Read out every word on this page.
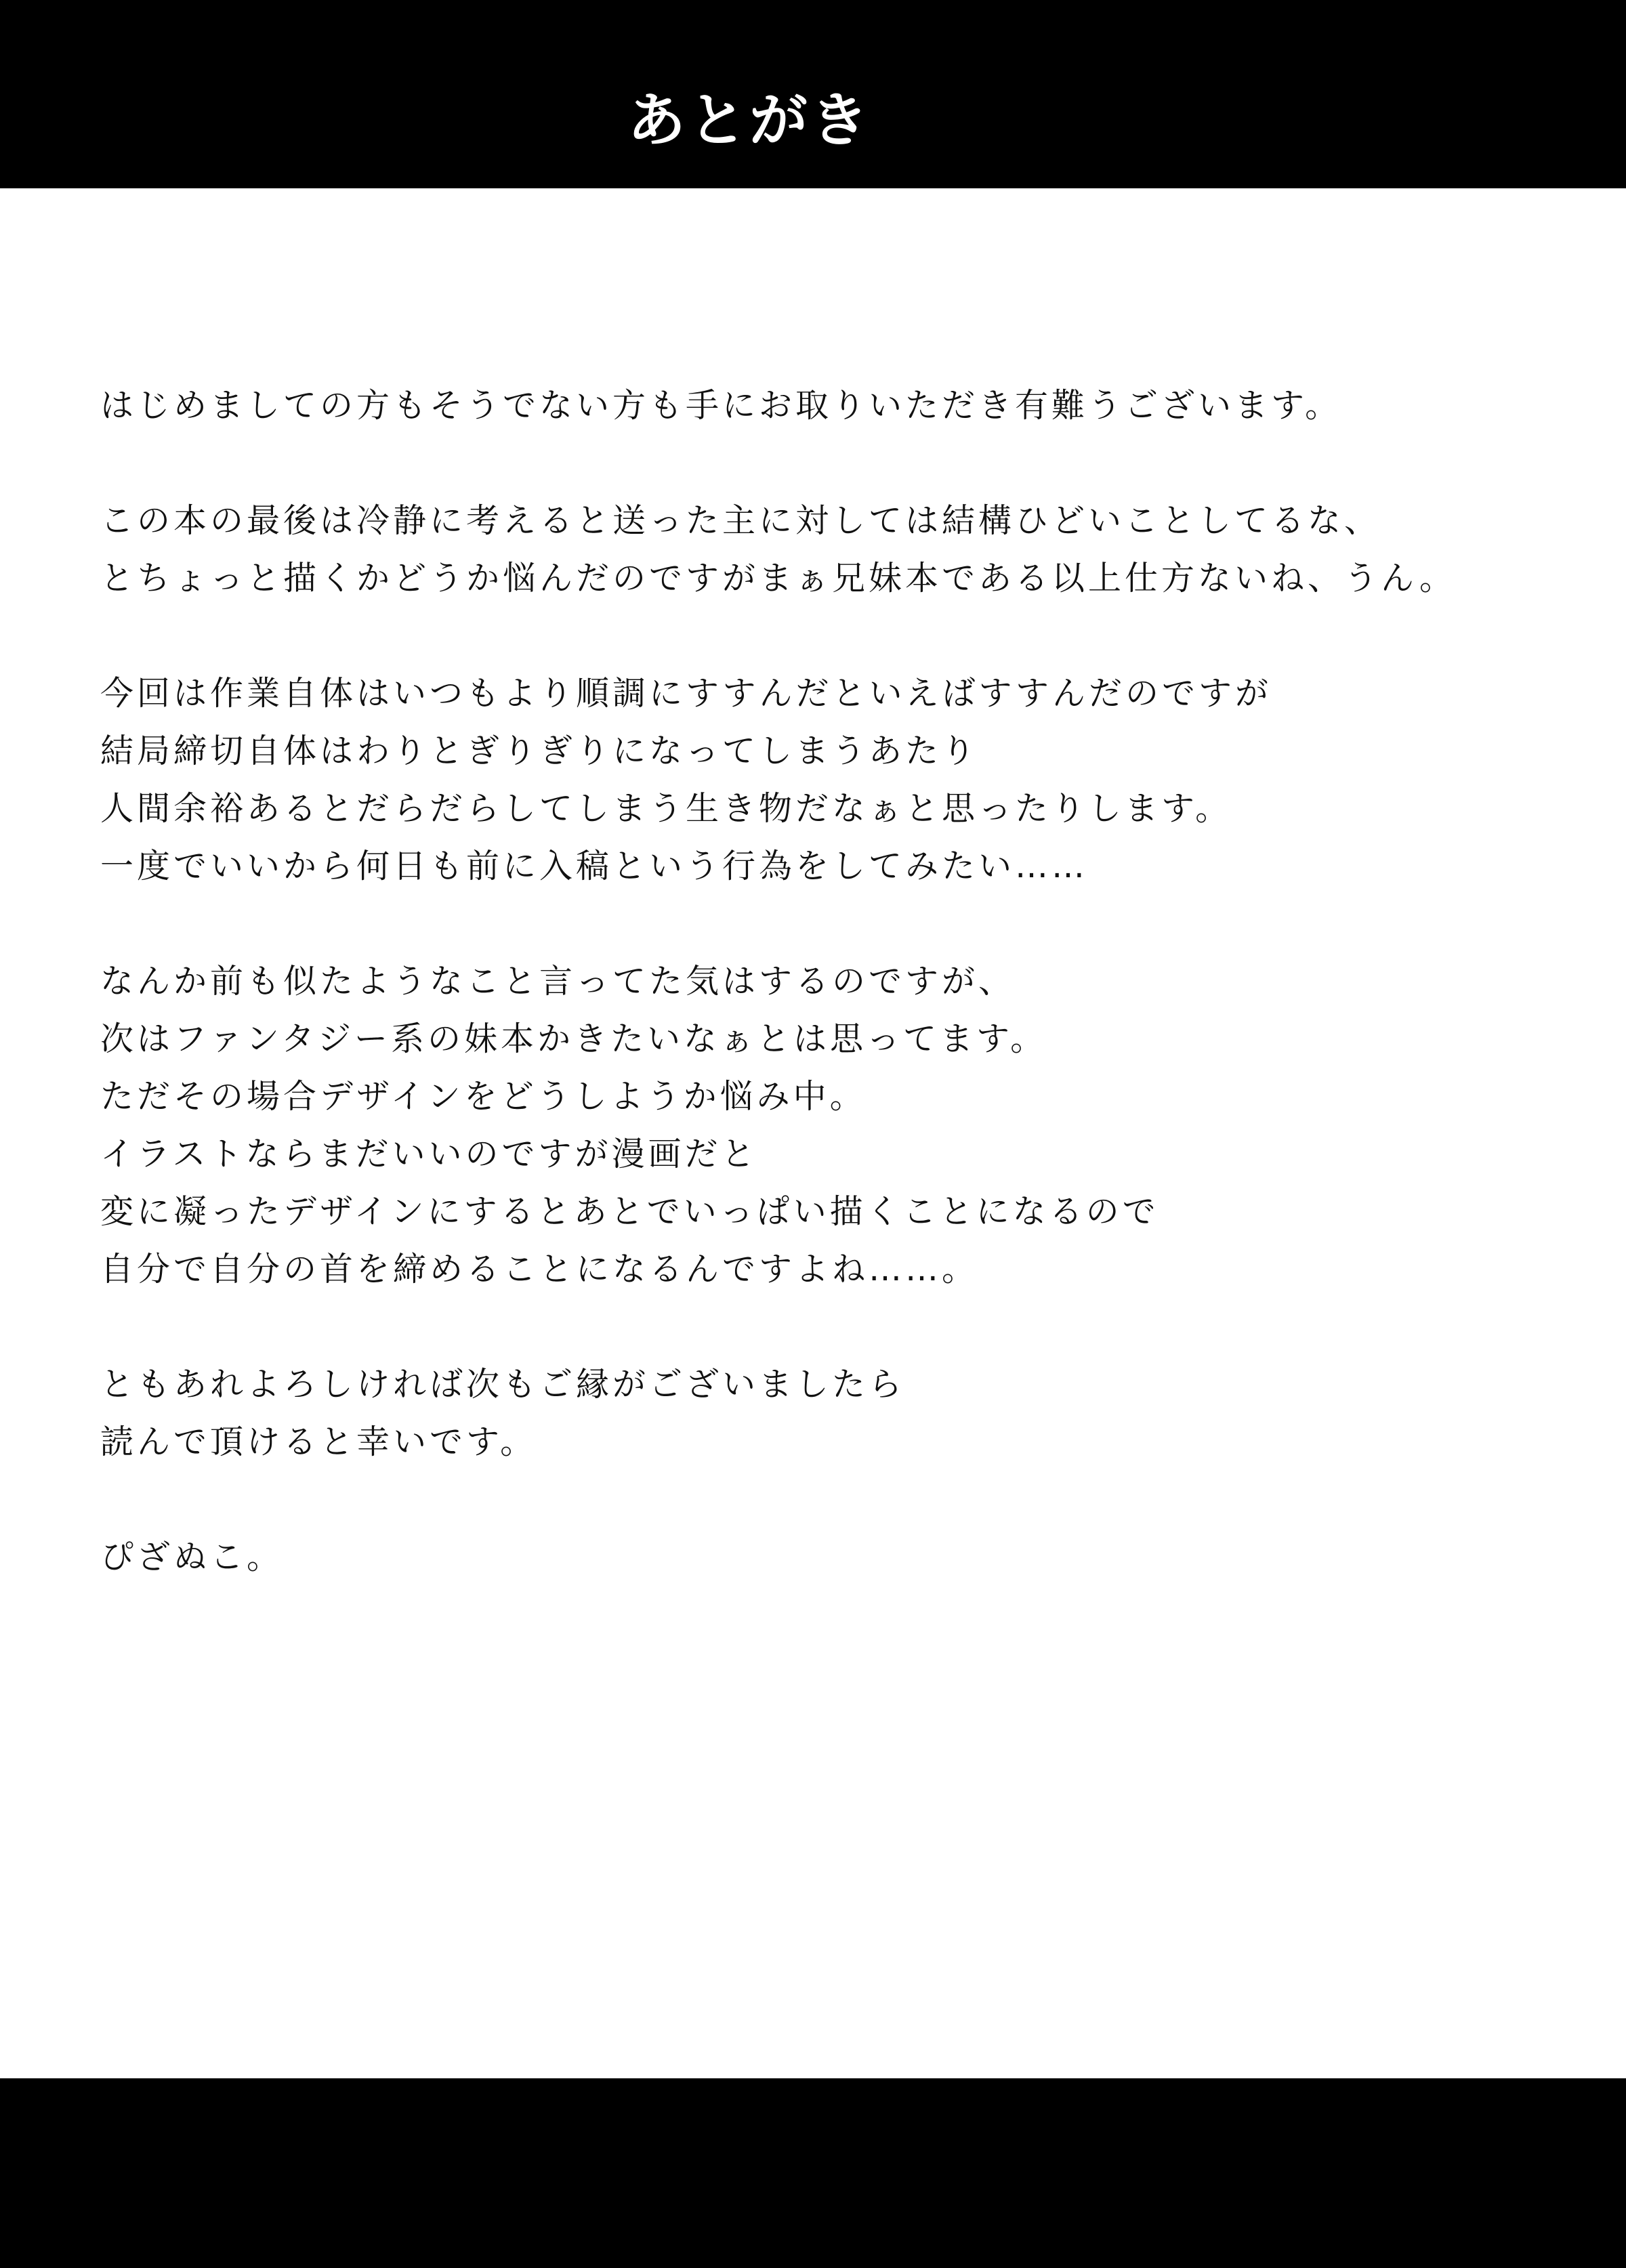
あとがき
はじめましての方もそうでない方も手にお取りいただき有難うございます。
この本の最後は冷静に考えると送った主に対しては結構ひどいことしてるな、
とちょっと描くかどうか悩んだのですがまぁ兄妹本である以上仕方ないね、うん。
今回は作業自体はいつもより順調にすすんだといえばすすんだのですが
結局締切自体はわりとぎりぎりになってしまうあたり
人間余裕あるとだらだらしてしまう生き物だなぁと思ったりします。
一度でいいから何日も前に入稿という行為をしてみたい……
なんか前も似たようなこと言ってた気はするのですが、
次はファンタジー系の妹本かきたいなぁとは思ってます。
ただその場合デザインをどうしようか悩み中。
イラストならまだいいのですが漫画だと
変に凝ったデザインにするとあとでいっぱい描くことになるので
自分で自分の首を締めることになるんですよね……。
ともあれよろしければ次もご縁がございましたら
読んで頂けると幸いです。
ぴざぬこ。
